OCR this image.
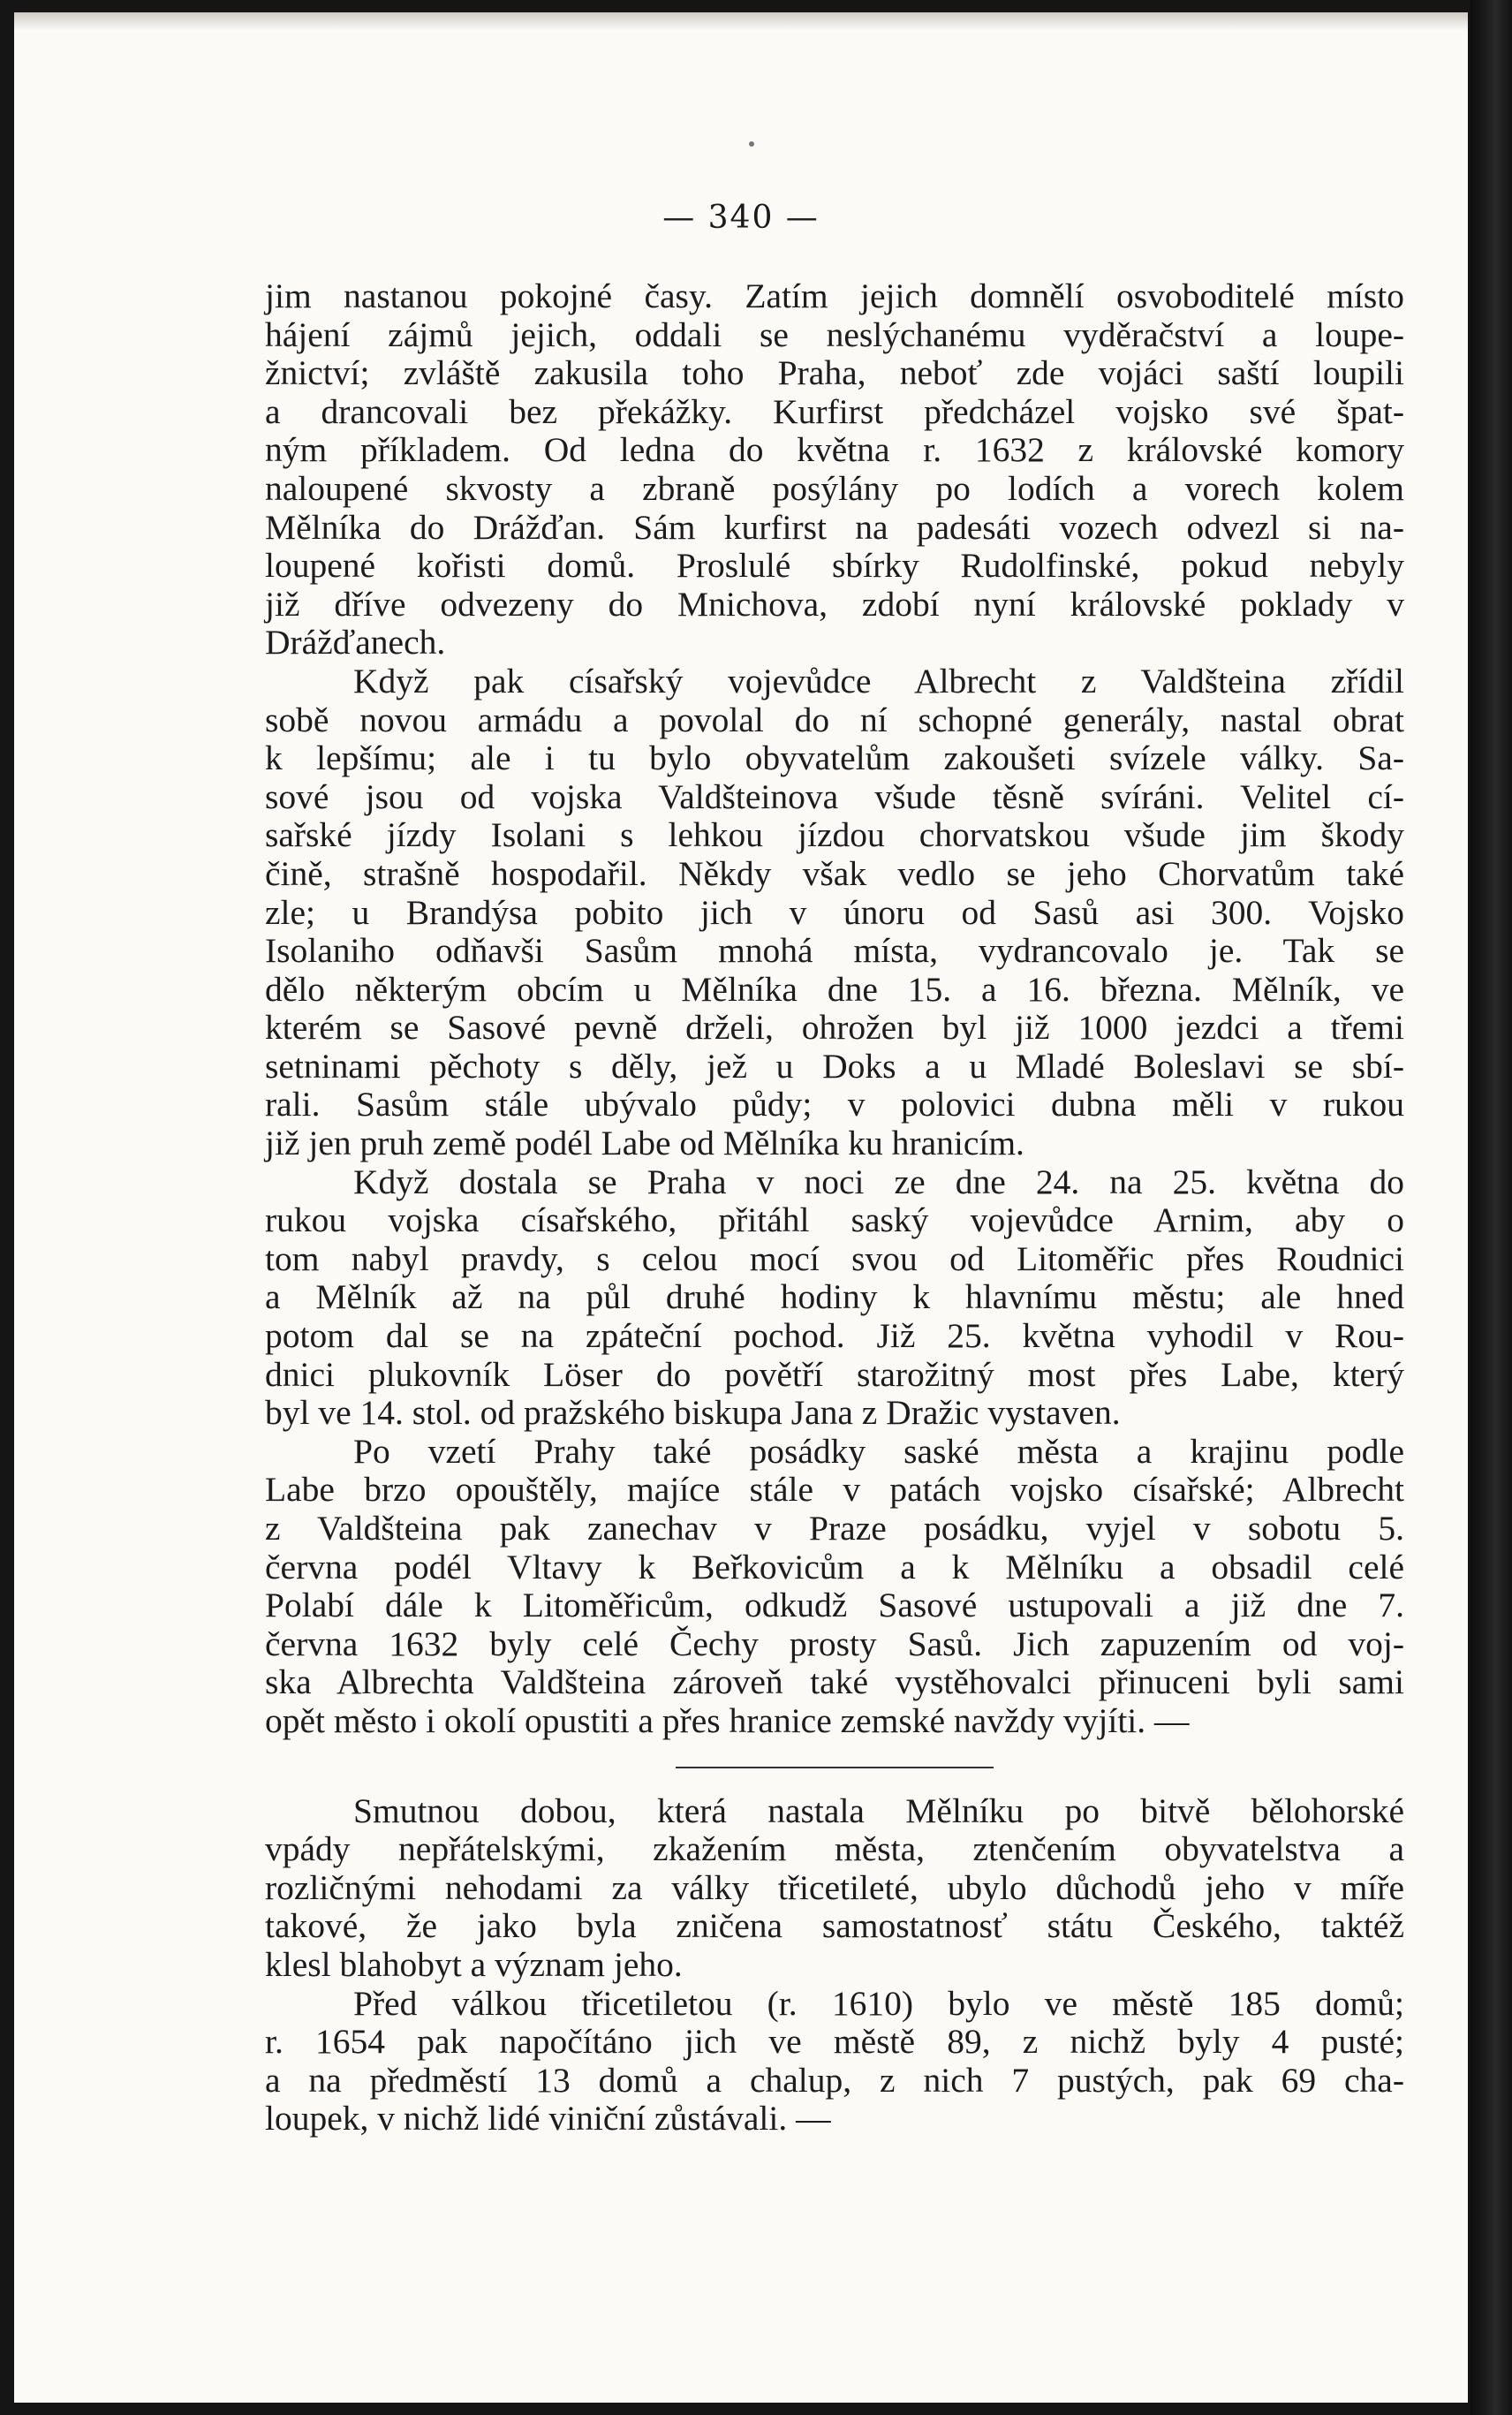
— 340 —

jim nastanou pokojné časy. Zatím jejich domnělí osvoboditelé místo

hájení zájmů jejich, oddali se neslýchanému vyděračství a loupe-

žnictví; zvláště zakusila toho Praha, neboť zde vojáci saští loupili

a drancovali bez překážky. Kurfirst předcházel vojsko své špat-

ným příkladem. Od ledna do května r. 1632 z královské komory

naloupené skvosty a zbraně posýlány po lodích a vorech kolem

Mělníka do Drážďan. Sám kurfirst na padesáti vozech odvezl si na-

loupené kořisti domů. Proslulé sbírky Rudolfinské, pokud nebyly

již dříve odvezeny do Mnichova, zdobí nyní královské poklady v

Drážďanech.

Když pak císařský vojevůdce Albrecht z Valdšteina zřídil

sobě novou armádu a povolal do ní schopné generály, nastal obrat

k lepšímu; ale i tu bylo obyvatelům zakoušeti svízele války. Sa-

sové jsou od vojska Valdšteinova všude těsně svíráni. Velitel cí-

sařské jízdy Isolani s lehkou jízdou chorvatskou všude jim škody

čině, strašně hospodařil. Někdy však vedlo se jeho Chorvatům také

zle; u Brandýsa pobito jich v únoru od Sasů asi 300. Vojsko

Isolaniho odňavši Sasům mnohá místa, vydrancovalo je. Tak se

dělo některým obcím u Mělníka dne 15. a 16. března. Mělník, ve

kterém se Sasové pevně drželi, ohrožen byl již 1000 jezdci a třemi

setninami pěchoty s děly, jež u Doks a u Mladé Boleslavi se sbí-

rali. Sasům stále ubývalo půdy; v polovici dubna měli v rukou

již jen pruh země podél Labe od Mělníka ku hranicím.

Když dostala se Praha v noci ze dne 24. na 25. května do

rukou vojska císařského, přitáhl saský vojevůdce Arnim, aby o

tom nabyl pravdy, s celou mocí svou od Litoměřic přes Roudnici

a Mělník až na půl druhé hodiny k hlavnímu městu; ale hned

potom dal se na zpáteční pochod. Již 25. května vyhodil v Rou-

dnici plukovník Löser do povětří starožitný most přes Labe, který

byl ve 14. stol. od pražského biskupa Jana z Dražic vystaven.

Po vzetí Prahy také posádky saské města a krajinu podle

Labe brzo opouštěly, majíce stále v patách vojsko císařské; Albrecht

z Valdšteina pak zanechav v Praze posádku, vyjel v sobotu 5.

června podél Vltavy k Beřkovicům a k Mělníku a obsadil celé

Polabí dále k Litoměřicům, odkudž Sasové ustupovali a již dne 7.

června 1632 byly celé Čechy prosty Sasů. Jich zapuzením od voj-

ska Albrechta Valdšteina zároveň také vystěhovalci přinuceni byli sami

opět město i okolí opustiti a přes hranice zemské navždy vyjíti. —

Smutnou dobou, která nastala Mělníku po bitvě bělohorské

vpády nepřátelskými, zkažením města, ztenčením obyvatelstva a

rozličnými nehodami za války třicetileté, ubylo důchodů jeho v míře

takové, že jako byla zničena samostatnosť státu Českého, taktéž

klesl blahobyt a význam jeho.

Před válkou třicetiletou (r. 1610) bylo ve městě 185 domů;

r. 1654 pak napočítáno jich ve městě 89, z nichž byly 4 pusté;

a na předměstí 13 domů a chalup, z nich 7 pustých, pak 69 cha-

loupek, v nichž lidé viniční zůstávali. —
